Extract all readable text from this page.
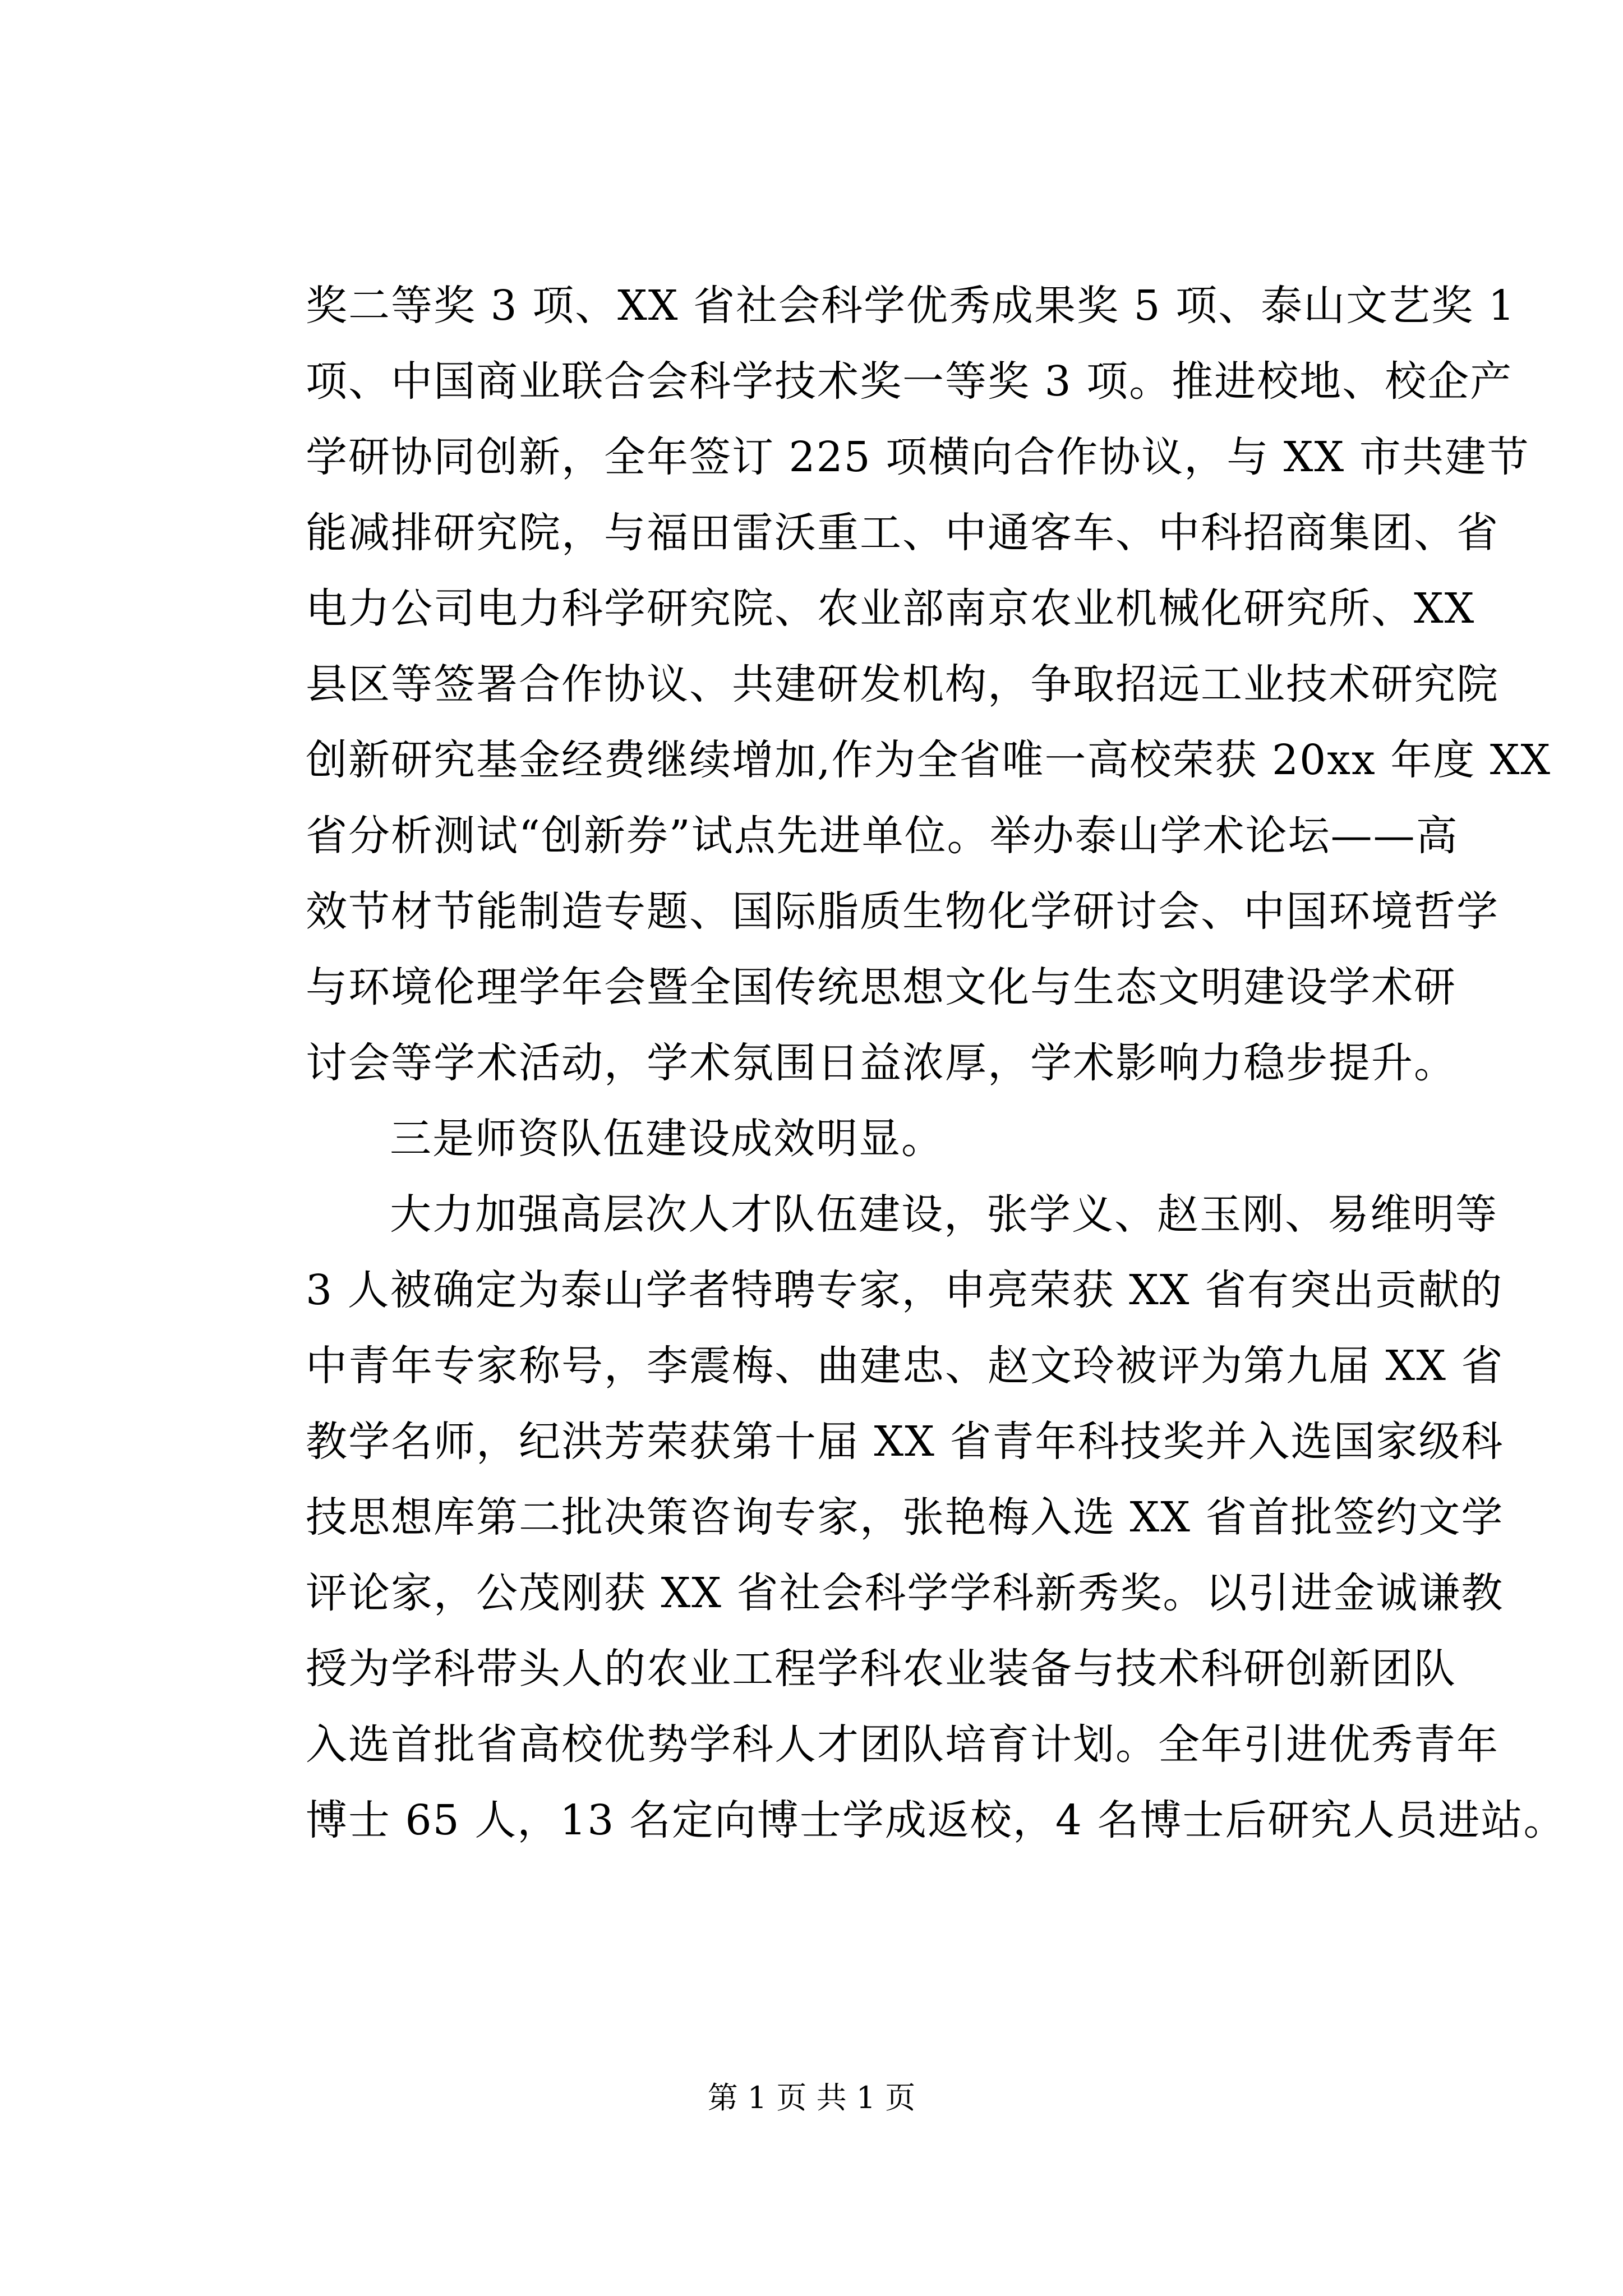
奖二等奖 3 项、XX 省社会科学优秀成果奖 5 项、泰山文艺奖 1
项、中国商业联合会科学技术奖一等奖 3 项。推进校地、校企产
学研协同创新，全年签订 225 项横向合作协议，与 XX 市共建节
能减排研究院，与福田雷沃重工、中通客车、中科招商集团、省
电力公司电力科学研究院、农业部南京农业机械化研究所、XX
县区等签署合作协议、共建研发机构，争取招远工业技术研究院
创新研究基金经费继续增加,作为全省唯一高校荣获 20xx 年度 XX
省分析测试“创新券”试点先进单位。举办泰山学术论坛——高
效节材节能制造专题、国际脂质生物化学研讨会、中国环境哲学
与环境伦理学年会暨全国传统思想文化与生态文明建设学术研
讨会等学术活动，学术氛围日益浓厚，学术影响力稳步提升。
三是师资队伍建设成效明显。
大力加强高层次人才队伍建设，张学义、赵玉刚、易维明等
3 人被确定为泰山学者特聘专家，申亮荣获 XX 省有突出贡献的
中青年专家称号，李震梅、曲建忠、赵文玲被评为第九届 XX 省
教学名师，纪洪芳荣获第十届 XX 省青年科技奖并入选国家级科
技思想库第二批决策咨询专家，张艳梅入选 XX 省首批签约文学
评论家，公茂刚获 XX 省社会科学学科新秀奖。以引进金诚谦教
授为学科带头人的农业工程学科农业装备与技术科研创新团队
入选首批省高校优势学科人才团队培育计划。全年引进优秀青年
博士 65 人，13 名定向博士学成返校，4 名博士后研究人员进站。
第 1 页 共 1 页
